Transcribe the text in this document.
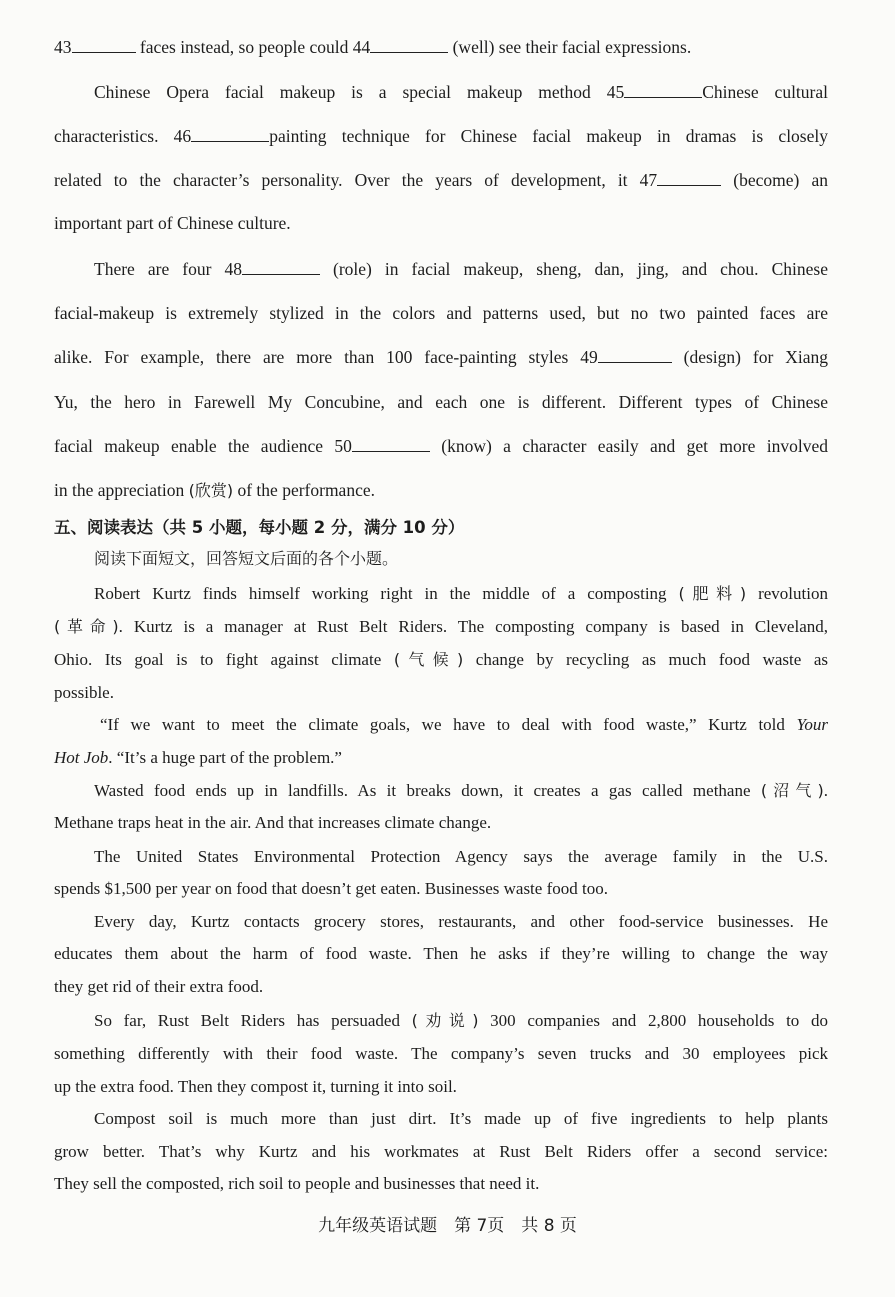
43	faces instead, so people could 44	(well) see their facial expressions.
Chinese Opera facial makeup is a special makeup method 45	Chinese cultural
characteristics. 46	painting technique for Chinese facial makeup in dramas is closely
related to the character’s personality. Over the years of development, it 47	(become) an
important part of Chinese culture.
There are four 48	(role) in facial makeup, sheng, dan, jing, and chou. Chinese
facial-makeup is extremely stylized in the colors and patterns used, but no two painted faces are
alike. For example, there are more than 100 face-painting styles 49	(design) for Xiang
Yu, the hero in Farewell My Concubine, and each one is different. Different types of Chinese
facial makeup enable the audience 50	(know) a character easily and get more involved
in the appreciation (欣赏) of the performance.
五、阅读表达（共 5 小题，每小题 2 分，满分 10 分）
阅读下面短文，回答短文后面的各个小题。
Robert Kurtz finds himself working right in the middle of a composting (肥料) revolution
(革命). Kurtz is a manager at Rust Belt Riders. The composting company is based in Cleveland,
Ohio. Its goal is to fight against climate (气候) change by recycling as much food waste as
possible.
“If we want to meet the climate goals, we have to deal with food waste,” Kurtz told Your
Hot Job. “It’s a huge part of the problem.”
Wasted food ends up in landfills. As it breaks down, it creates a gas called methane (沼气).
Methane traps heat in the air. And that increases climate change.
The United States Environmental Protection Agency says the average family in the U.S.
spends $1,500 per year on food that doesn’t get eaten. Businesses waste food too.
Every day, Kurtz contacts grocery stores, restaurants, and other food-service businesses. He
educates them about the harm of food waste. Then he asks if they’re willing to change the way
they get rid of their extra food.
So far, Rust Belt Riders has persuaded (劝说) 300 companies and 2,800 households to do
something differently with their food waste. The company’s seven trucks and 30 employees pick
up the extra food. Then they compost it, turning it into soil.
Compost soil is much more than just dirt. It’s made up of five ingredients to help plants
grow better. That’s why Kurtz and his workmates at Rust Belt Riders offer a second service:
They sell the composted, rich soil to people and businesses that need it.
九年级英语试题　第 7页　共 8 页
